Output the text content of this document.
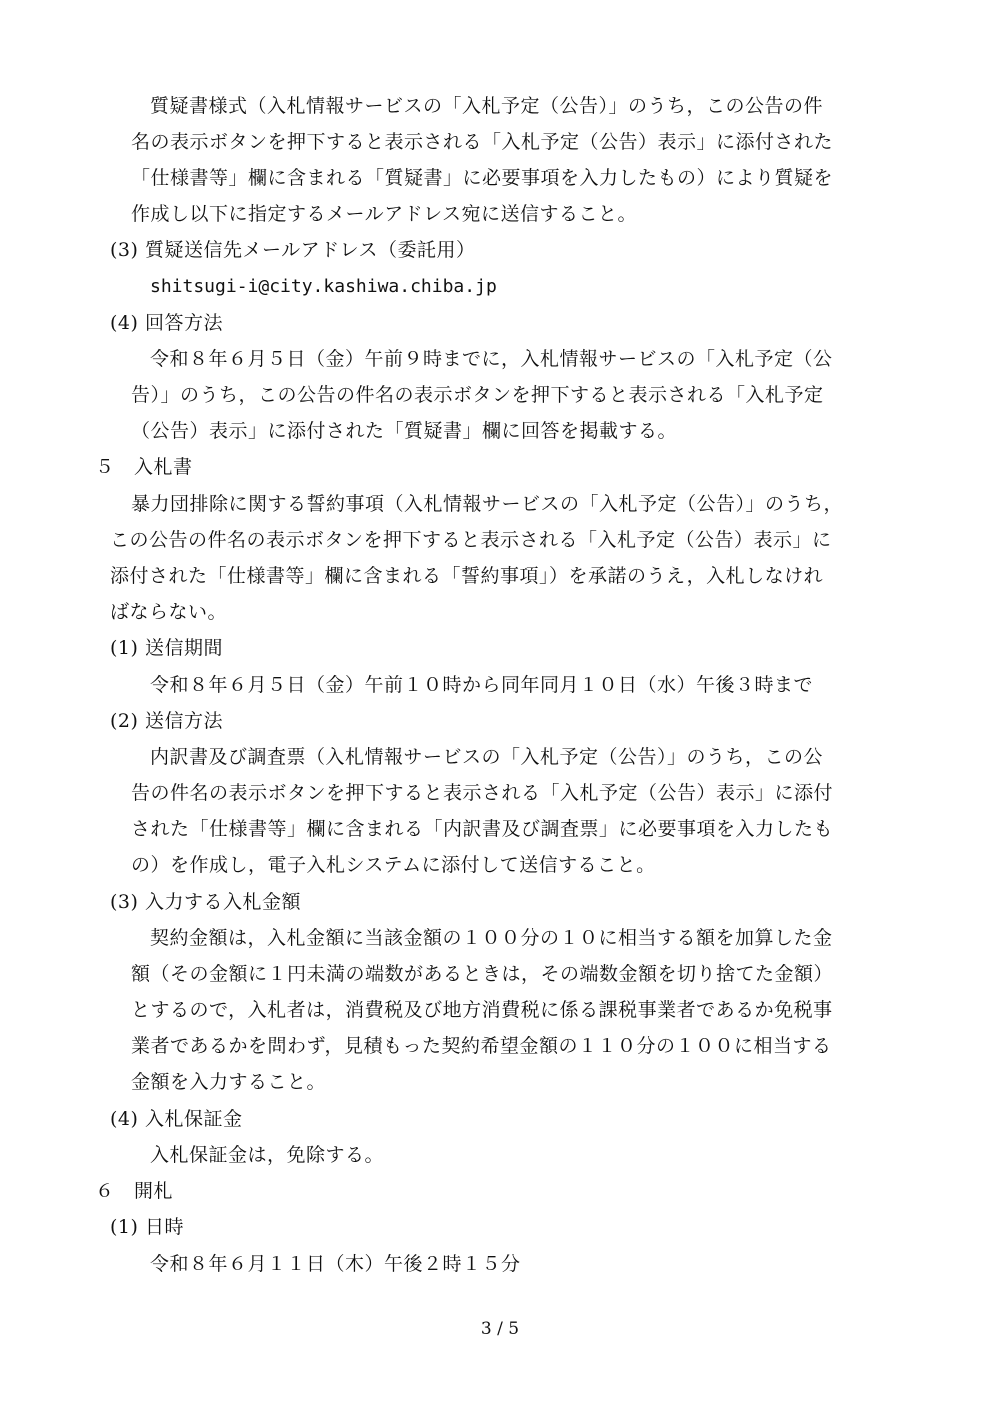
質疑書様式（入札情報サービスの「入札予定（公告）」のうち，この公告の件
名の表示ボタンを押下すると表示される「入札予定（公告）表示」に添付された
「仕様書等」欄に含まれる「質疑書」に必要事項を入力したもの）により質疑を
作成し以下に指定するメールアドレス宛に送信すること。
(3) 質疑送信先メールアドレス（委託用）
shitsugi-i@city.kashiwa.chiba.jp
(4) 回答方法
令和８年６月５日（金）午前９時までに，入札情報サービスの「入札予定（公
告）」のうち，この公告の件名の表示ボタンを押下すると表示される「入札予定
（公告）表示」に添付された「質疑書」欄に回答を掲載する。
５　入札書
暴力団排除に関する誓約事項（入札情報サービスの「入札予定（公告）」のうち，
この公告の件名の表示ボタンを押下すると表示される「入札予定（公告）表示」に
添付された「仕様書等」欄に含まれる「誓約事項」）を承諾のうえ，入札しなけれ
ばならない。
(1) 送信期間
令和８年６月５日（金）午前１０時から同年同月１０日（水）午後３時まで
(2) 送信方法
内訳書及び調査票（入札情報サービスの「入札予定（公告）」のうち，この公
告の件名の表示ボタンを押下すると表示される「入札予定（公告）表示」に添付
された「仕様書等」欄に含まれる「内訳書及び調査票」に必要事項を入力したも
の）を作成し，電子入札システムに添付して送信すること。
(3) 入力する入札金額
契約金額は，入札金額に当該金額の１００分の１０に相当する額を加算した金
額（その金額に１円未満の端数があるときは，その端数金額を切り捨てた金額）
とするので，入札者は，消費税及び地方消費税に係る課税事業者であるか免税事
業者であるかを問わず，見積もった契約希望金額の１１０分の１００に相当する
金額を入力すること。
(4) 入札保証金
入札保証金は，免除する。
６　開札
(1) 日時
令和８年６月１１日（木）午後２時１５分
3 / 5
